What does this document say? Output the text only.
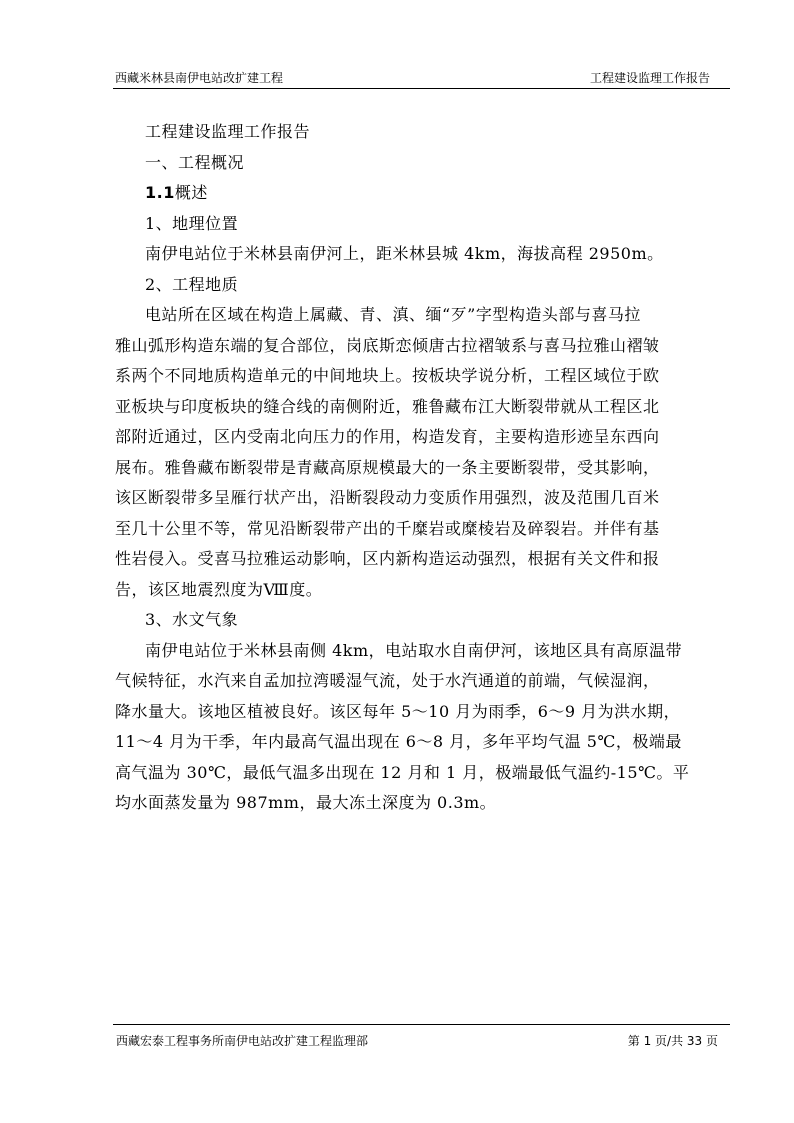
西藏米林县南伊电站改扩建工程	工程建设监理工作报告

工程建设监理工作报告

一、工程概况

1.1概述

1、地理位置

南伊电站位于米林县南伊河上，距米林县城 4km，海拔高程 2950m。

2、工程地质

电站所在区域在构造上属藏、青、滇、缅“歹”字型构造头部与喜马拉
雅山弧形构造东端的复合部位，岗底斯恋倾唐古拉褶皱系与喜马拉雅山褶皱
系两个不同地质构造单元的中间地块上。按板块学说分析，工程区域位于欧
亚板块与印度板块的缝合线的南侧附近，雅鲁藏布江大断裂带就从工程区北
部附近通过，区内受南北向压力的作用，构造发育，主要构造形迹呈东西向
展布。雅鲁藏布断裂带是青藏高原规模最大的一条主要断裂带，受其影响，
该区断裂带多呈雁行状产出，沿断裂段动力变质作用强烈，波及范围几百米
至几十公里不等，常见沿断裂带产出的千糜岩或糜棱岩及碎裂岩。并伴有基
性岩侵入。受喜马拉雅运动影响，区内新构造运动强烈，根据有关文件和报
告，该区地震烈度为Ⅷ度。

3、水文气象

南伊电站位于米林县南侧 4km，电站取水自南伊河，该地区具有高原温带
气候特征，水汽来自孟加拉湾暖湿气流，处于水汽通道的前端，气候湿润，
降水量大。该地区植被良好。该区每年 5～10 月为雨季，6～9 月为洪水期，
11～4 月为干季，年内最高气温出现在 6～8 月，多年平均气温 5℃，极端最
高气温为 30℃，最低气温多出现在 12 月和 1 月，极端最低气温约-15℃。平
均水面蒸发量为 987mm，最大冻土深度为 0.3m。
西藏宏泰工程事务所南伊电站改扩建工程监理部	第 1 页/共 33 页
